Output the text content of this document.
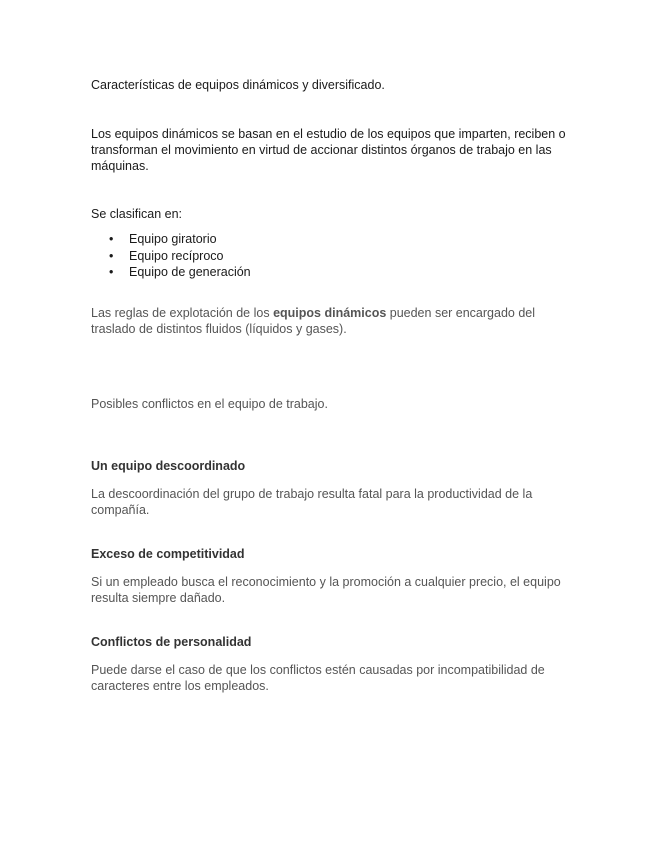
Características de equipos dinámicos y diversificado.

Los equipos dinámicos se basan en el estudio de los equipos que imparten, reciben o transforman el movimiento en virtud de accionar distintos órganos de trabajo en las máquinas.

Se clasifican en:

• Equipo giratorio
• Equipo recíproco
• Equipo de generación

Las reglas de explotación de los equipos dinámicos pueden ser encargado del traslado de distintos fluidos (líquidos y gases).

Posibles conflictos en el equipo de trabajo.

Un equipo descoordinado

La descoordinación del grupo de trabajo resulta fatal para la productividad de la compañía.

Exceso de competitividad

Si un empleado busca el reconocimiento y la promoción a cualquier precio, el equipo resulta siempre dañado.

Conflictos de personalidad

Puede darse el caso de que los conflictos estén causadas por incompatibilidad de caracteres entre los empleados.
